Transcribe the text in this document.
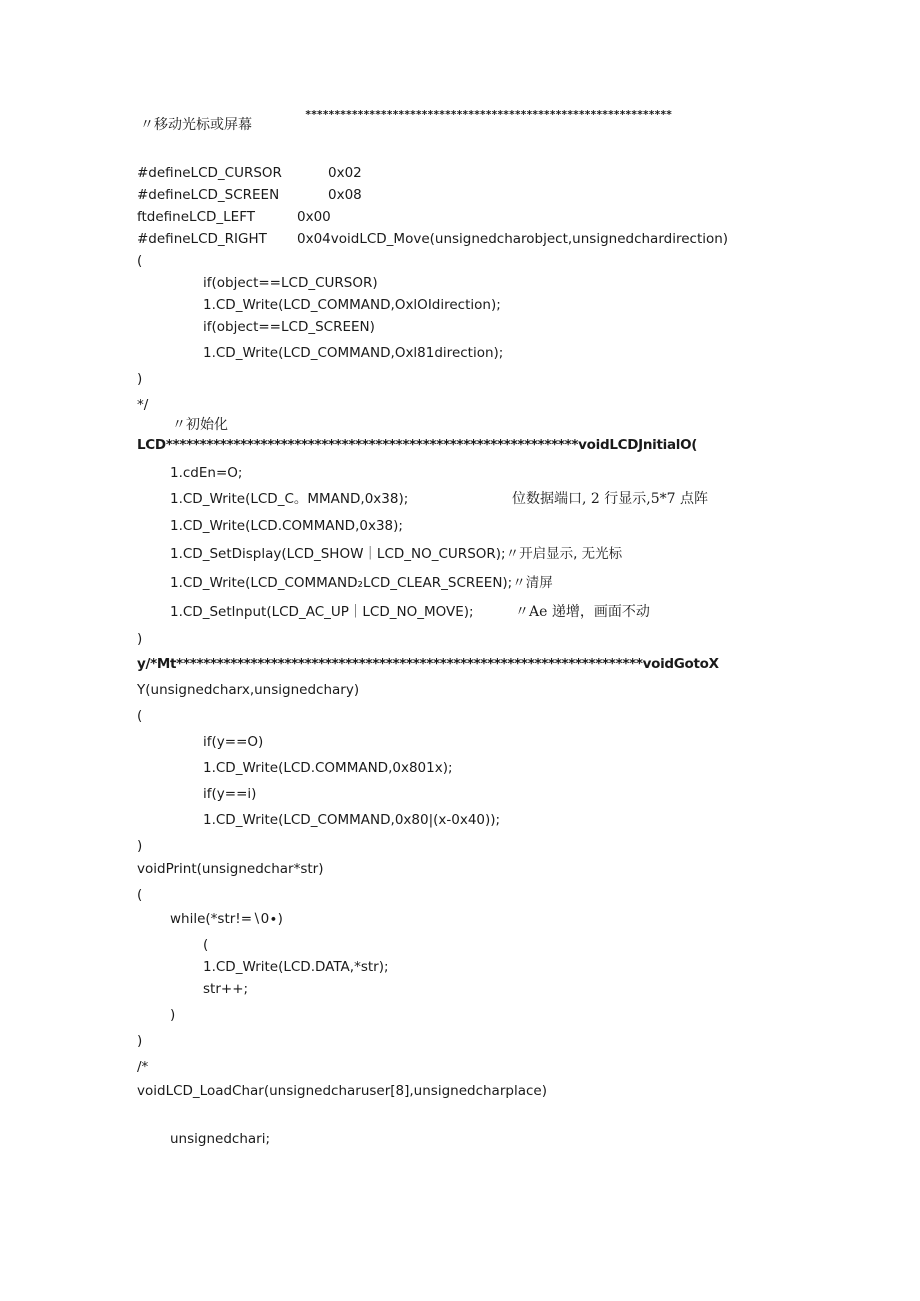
***************************************************************
〃移动光标或屏幕
#defineLCD_CURSOR	0x02
#defineLCD_SCREEN	0x08
ftdefineLCD_LEFT	0x00
#defineLCD_RIGHT 0x04voidLCD_Move(unsignedcharobject,unsignedchardirection)
(
if(object==LCD_CURSOR)
1.CD_Write(LCD_COMMAND,OxlOIdirection);
if(object==LCD_SCREEN)
1.CD_Write(LCD_COMMAND,Oxl81direction);
)
*/
〃初始化
LCD*************************************************************voidLCDJnitialO(
1.cdEn=O;
1.CD_Write(LCD_C。MMAND,0x38);	位数据端口, 2 行显示,5*7 点阵
1.CD_Write(LCD.COMMAND,0x38);
1.CD_SetDisplay(LCD_SHOW｜LCD_NO_CURSOR);〃开启显示, 无光标
1.CD_Write(LCD_COMMAND₂LCD_CLEAR_SCREEN);〃清屏
1.CD_Setlnput(LCD_AC_UP｜LCD_NO_MOVE);	〃Ae 递增，画面不动
)
y/*Mt*********************************************************************voidGotoX
Y(unsignedcharx,unsignedchary)
(
if(y==O)
1.CD_Write(LCD.COMMAND,0x801x);
if(y==i)
1.CD_Write(LCD_COMMAND,0x80|(x-0x40));
)
voidPrint(unsignedchar*str)
(
while(*str!=∖0∙)
(
1.CD_Write(LCD.DATA,*str);
str++;
)
)
/*
voidLCD_LoadChar(unsignedcharuser[8],unsignedcharplace)
unsignedchari;
